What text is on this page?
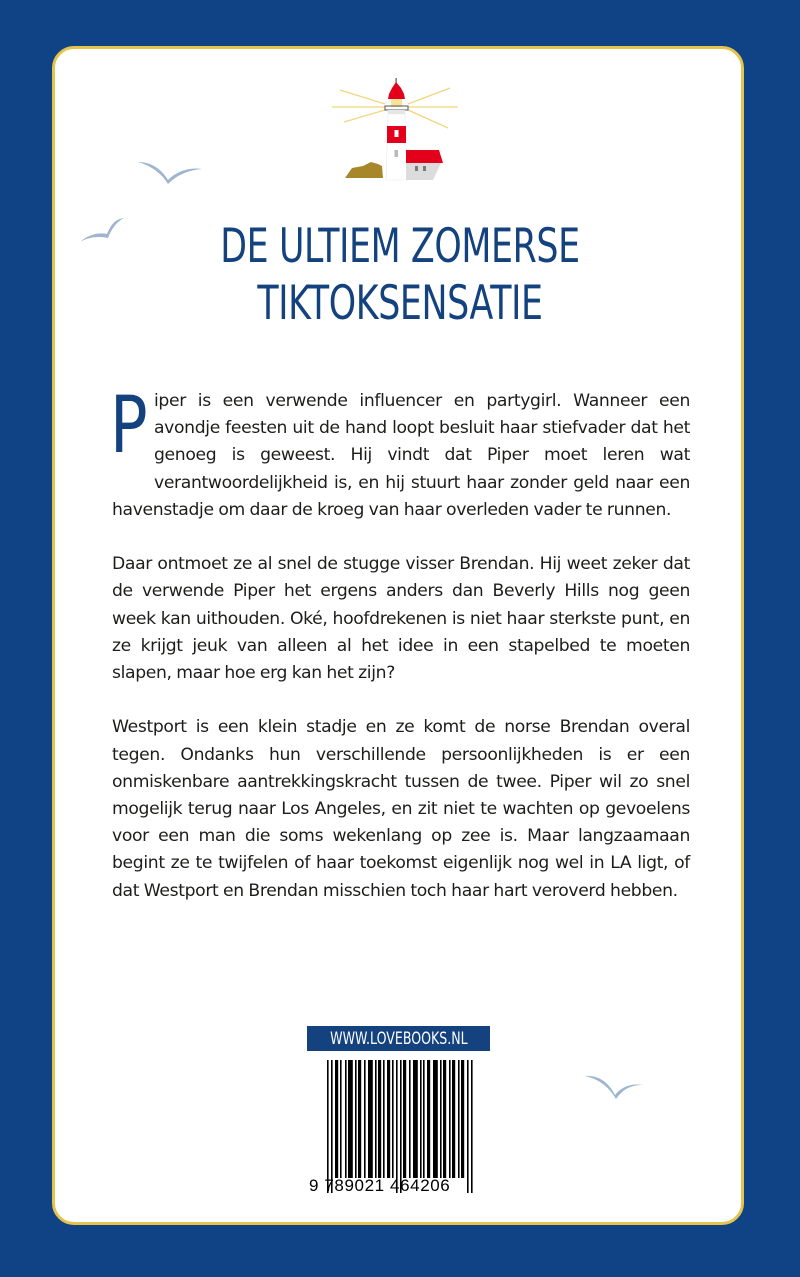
DE ULTIEM ZOMERSE
TIKTOKSENSATIE

Piper is een verwende influencer en partygirl. Wanneer een avondje feesten uit de hand loopt besluit haar stiefvader dat het genoeg is geweest. Hij vindt dat Piper moet leren wat verantwoordelijkheid is, en hij stuurt haar zonder geld naar een havenstadje om daar de kroeg van haar overleden vader te runnen.

Daar ontmoet ze al snel de stugge visser Brendan. Hij weet zeker dat de verwende Piper het ergens anders dan Beverly Hills nog geen week kan uithouden. Oké, hoofdrekenen is niet haar sterkste punt, en ze krijgt jeuk van alleen al het idee in een stapelbed te moeten slapen, maar hoe erg kan het zijn?

Westport is een klein stadje en ze komt de norse Brendan overal tegen. Ondanks hun verschillende persoonlijkheden is er een onmiskenbare aantrekkingskracht tussen de twee. Piper wil zo snel mogelijk terug naar Los Angeles, en zit niet te wachten op gevoelens voor een man die soms wekenlang op zee is. Maar langzaamaan begint ze te twijfelen of haar toekomst eigenlijk nog wel in LA ligt, of dat Westport en Brendan misschien toch haar hart veroverd hebben.

WWW.LOVEBOOKS.NL
9 789021 464206
